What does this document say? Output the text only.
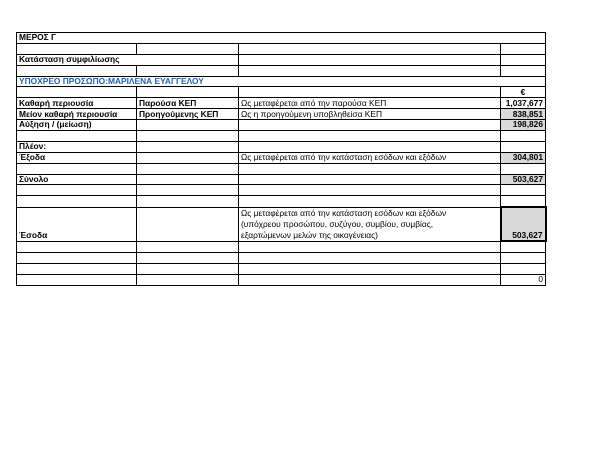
ΜΕΡΟΣ Γ			

Κατάσταση συμφιλίωσης			

ΥΠΟΧΡΕΟ ΠΡΟΣΩΠΟ:ΜΑΡΙΛΕΝΑ ΕΥΑΓΓΕΛΟΥ			
			€
Καθαρή περιουσία	Παρούσα ΚΕΠ	Ως μεταφέρεται από την παρούσα ΚΕΠ	1,037,677
Μείον καθαρή περιουσία	Προηγούμενης ΚΕΠ	Ως η προηγούμενη υποβληθείσα ΚΕΠ	838,851
Αύξηση / (μείωση)			198,826

Πλέον:			
Έξοδα		Ως μεταφέρεται από την κατάσταση εσόδων και εξόδων	304,801

Σύνολο			503,627

Έσοδα		Ως μεταφέρεται από την κατάσταση εσόδων και εξόδων
(υπόχρεου προσώπου, συζύγου, συμβίου, συμβίας,
εξαρτώμενων μελών της οικογένειας)	503,627

			0
